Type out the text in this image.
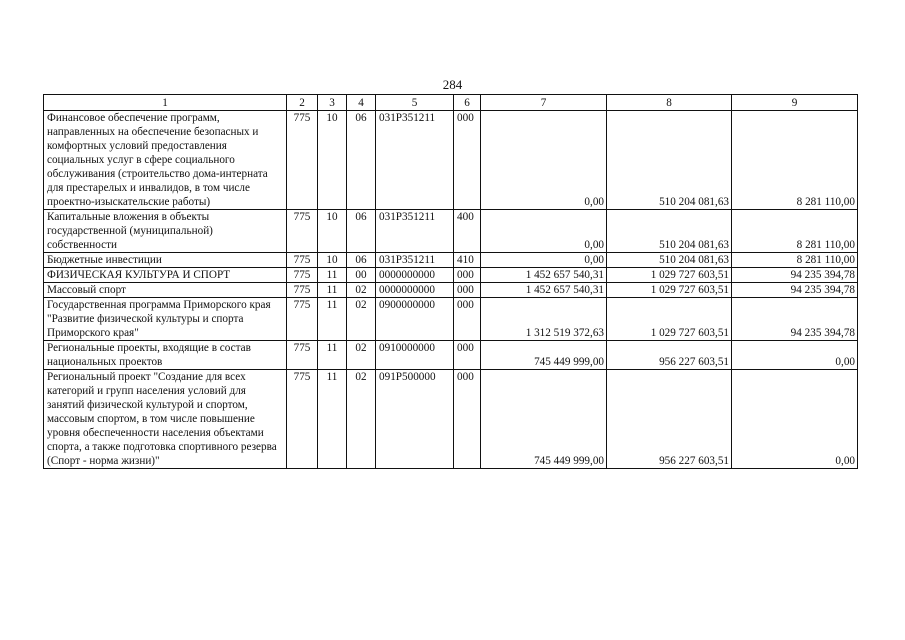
284
1	2	3	4	5	6	7	8	9
Финансовое обеспечение программ, направленных на обеспечение безопасных и комфортных условий предоставления социальных услуг в сфере социального обслуживания (строительство дома-интерната для престарелых и инвалидов, в том числе проектно-изыскательские работы)	775	10	06	031P351211	000	0,00	510 204 081,63	8 281 110,00
Капитальные вложения в объекты государственной (муниципальной) собственности	775	10	06	031P351211	400	0,00	510 204 081,63	8 281 110,00
Бюджетные инвестиции	775	10	06	031P351211	410	0,00	510 204 081,63	8 281 110,00
ФИЗИЧЕСКАЯ КУЛЬТУРА И СПОРТ	775	11	00	0000000000	000	1 452 657 540,31	1 029 727 603,51	94 235 394,78
Массовый спорт	775	11	02	0000000000	000	1 452 657 540,31	1 029 727 603,51	94 235 394,78
Государственная программа Приморского края "Развитие физической культуры и спорта Приморского края"	775	11	02	0900000000	000	1 312 519 372,63	1 029 727 603,51	94 235 394,78
Региональные проекты, входящие в состав национальных проектов	775	11	02	0910000000	000	745 449 999,00	956 227 603,51	0,00
Региональный проект "Создание для всех категорий и групп населения условий для занятий физической культурой и спортом, массовым спортом, в том числе повышение уровня обеспеченности населения объектами спорта, а также подготовка спортивного резерва (Спорт - норма жизни)"	775	11	02	091P500000	000	745 449 999,00	956 227 603,51	0,00
